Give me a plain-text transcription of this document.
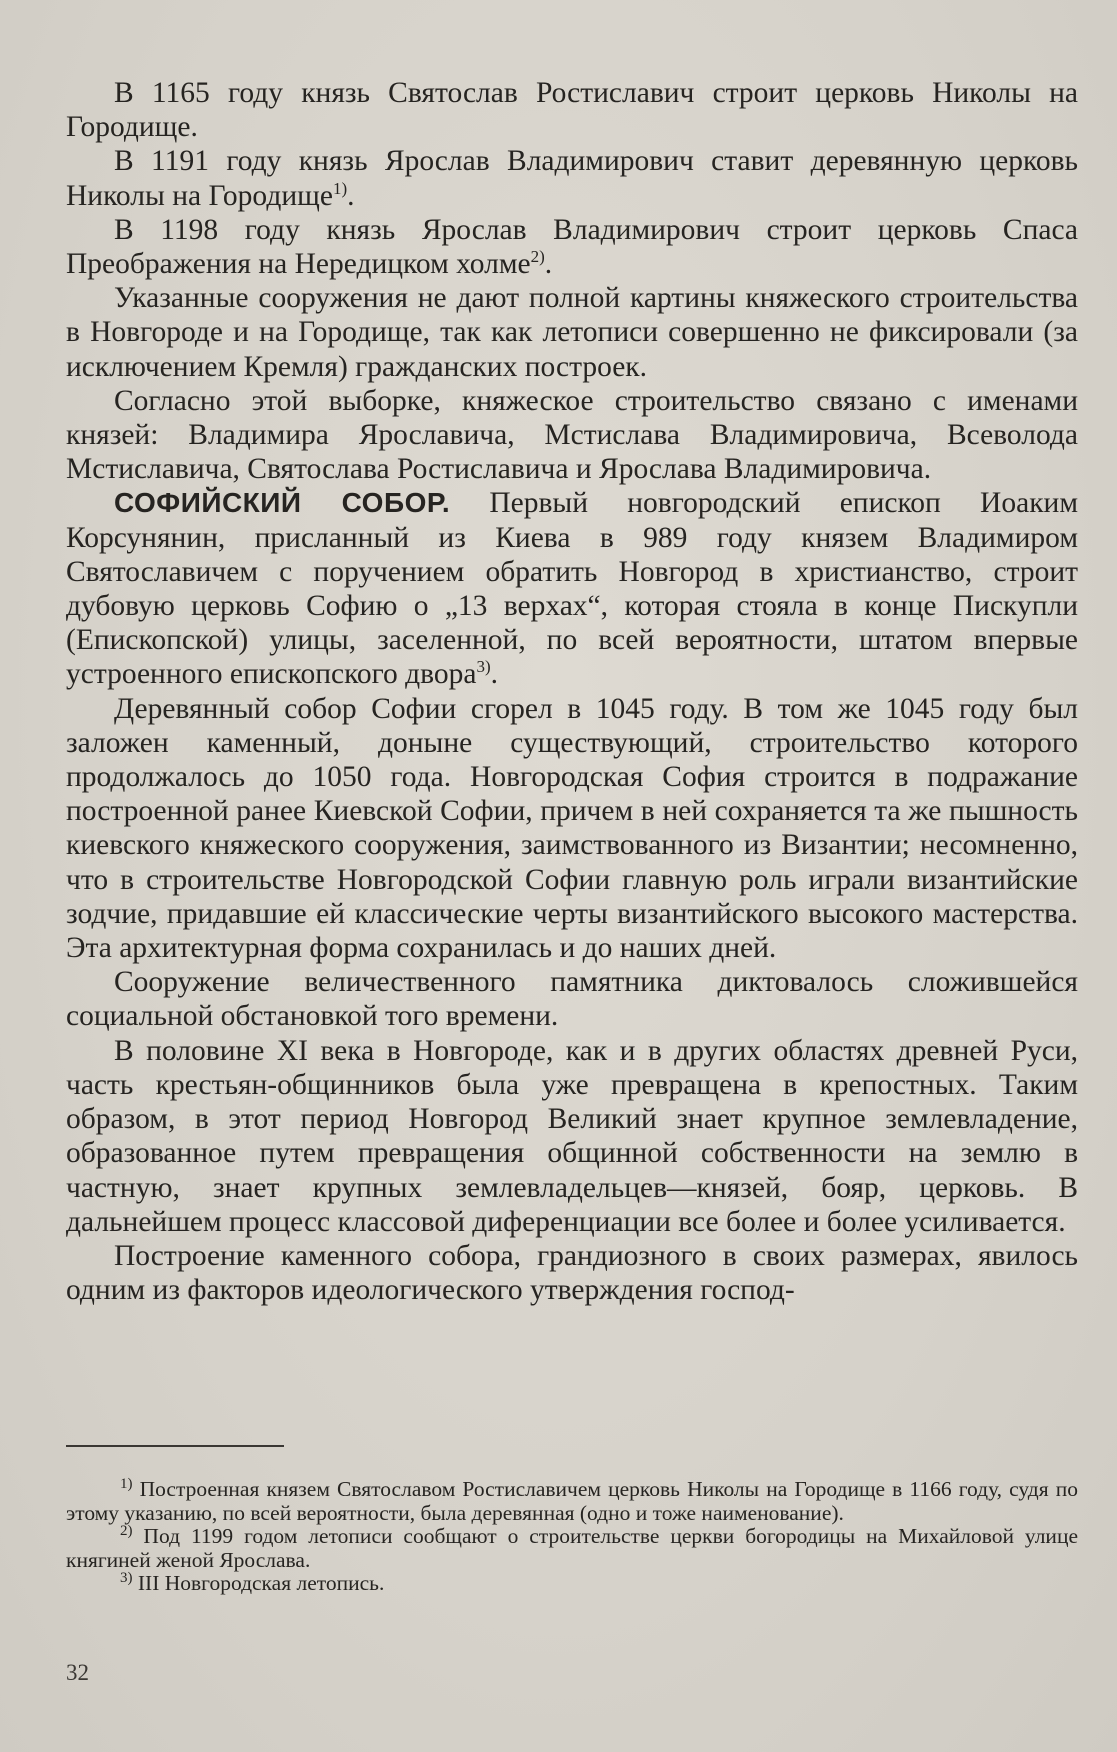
В 1165 году князь Святослав Ростиславич строит церковь Николы на Городище.

В 1191 году князь Ярослав Владимирович ставит деревянную церковь Николы на Городище$^{1)}$.

В 1198 году князь Ярослав Владимирович строит церковь Спаса Преображения на Нередицком холме$^{2)}$.

Указанные сооружения не дают полной картины княжеского строительства в Новгороде и на Городище, так как летописи совершенно не фиксировали (за исключением Кремля) гражданских построек.

Согласно этой выборке, княжеское строительство связано с именами князей: Владимира Ярославича, Мстислава Владимировича, Всеволода Мстиславича, Святослава Ростиславича и Ярослава Владимировича.

СОФИЙСКИЙ СОБОР. Первый новгородский епископ Иоаким Корсунянин, присланный из Киева в 989 году князем Владимиром Святославичем с поручением обратить Новгород в христианство, строит дубовую церковь Софию о „13 верхах“, которая стояла в конце Пискупли (Епископской) улицы, заселенной, по всей вероятности, штатом впервые устроенного епископского двора$^{3)}$.

Деревянный собор Софии сгорел в 1045 году. В том же 1045 году был заложен каменный, доныне существующий, строительство которого продолжалось до 1050 года. Новгородская София строится в подражание построенной ранее Киевской Софии, причем в ней сохраняется та же пышность киевского княжеского сооружения, заимствованного из Византии; несомненно, что в строительстве Новгородской Софии главную роль играли византийские зодчие, придавшие ей классические черты византийского высокого мастерства. Эта архитектурная форма сохранилась и до наших дней.

Сооружение величественного памятника диктовалось сложившейся социальной обстановкой того времени.

В половине XI века в Новгороде, как и в других областях древней Руси, часть крестьян-общинников была уже превращена в крепостных. Таким образом, в этот период Новгород Великий знает крупное землевладение, образованное путем превращения общинной собственности на землю в частную, знает крупных землевладельцев—князей, бояр, церковь. В дальнейшем процесс классовой диференциации все более и более усиливается.

Построение каменного собора, грандиозного в своих размерах, явилось одним из факторов идеологического утверждения господ-

$^{1)}$ Построенная князем Святославом Ростиславичем церковь Николы на Городище в 1166 году, судя по этому указанию, по всей вероятности, была деревянная (одно и тоже наименование).

$^{2)}$ Под 1199 годом летописи сообщают о строительстве церкви богородицы на Михайловой улице княгиней женой Ярослава.

$^{3)}$ III Новгородская летопись.

32
